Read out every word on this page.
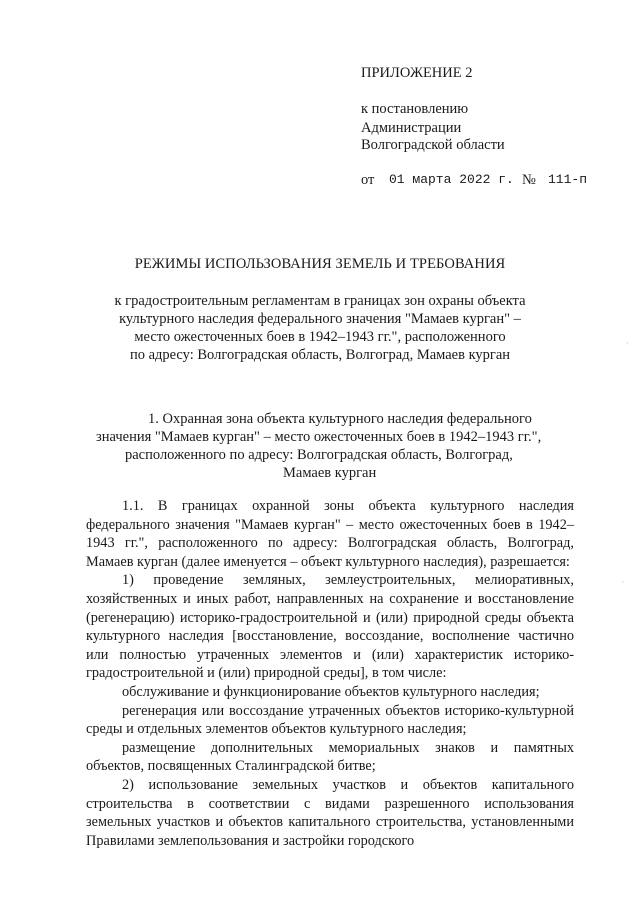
ПРИЛОЖЕНИЕ 2
к постановлению
Администрации
Волгоградской области
от 01 марта 2022 г. № 111-п
РЕЖИМЫ ИСПОЛЬЗОВАНИЯ ЗЕМЕЛЬ И ТРЕБОВАНИЯ
к градостроительным регламентам в границах зон охраны объекта
культурного наследия федерального значения "Мамаев курган" –
место ожесточенных боев в 1942–1943 гг.", расположенного
по адресу: Волгоградская область, Волгоград, Мамаев курган
1. Охранная зона объекта культурного наследия федерального
значения "Мамаев курган" – место ожесточенных боев в 1942–1943 гг.",
расположенного по адресу: Волгоградская область, Волгоград,
Мамаев курган

1.1. В границах охранной зоны объекта культурного наследия федерального значения "Мамаев курган" – место ожесточенных боев в 1942–1943 гг.", расположенного по адресу: Волгоградская область, Волгоград, Мамаев курган (далее именуется – объект культурного наследия), разрешается:

1) проведение земляных, землеустроительных, мелиоративных, хозяйственных и иных работ, направленных на сохранение и восстановление (регенерацию) историко-градостроительной и (или) природной среды объекта культурного наследия [восстановление, воссоздание, восполнение частично или полностью утраченных элементов и (или) характеристик историко-градостроительной и (или) природной среды], в том числе:

обслуживание и функционирование объектов культурного наследия;

регенерация или воссоздание утраченных объектов историко-культурной среды и отдельных элементов объектов культурного наследия;

размещение дополнительных мемориальных знаков и памятных объектов, посвященных Сталинградской битве;

2) использование земельных участков и объектов капитального строительства в соответствии с видами разрешенного использования земельных участков и объектов капитального строительства, установленными Правилами землепользования и застройки городского

,
′
